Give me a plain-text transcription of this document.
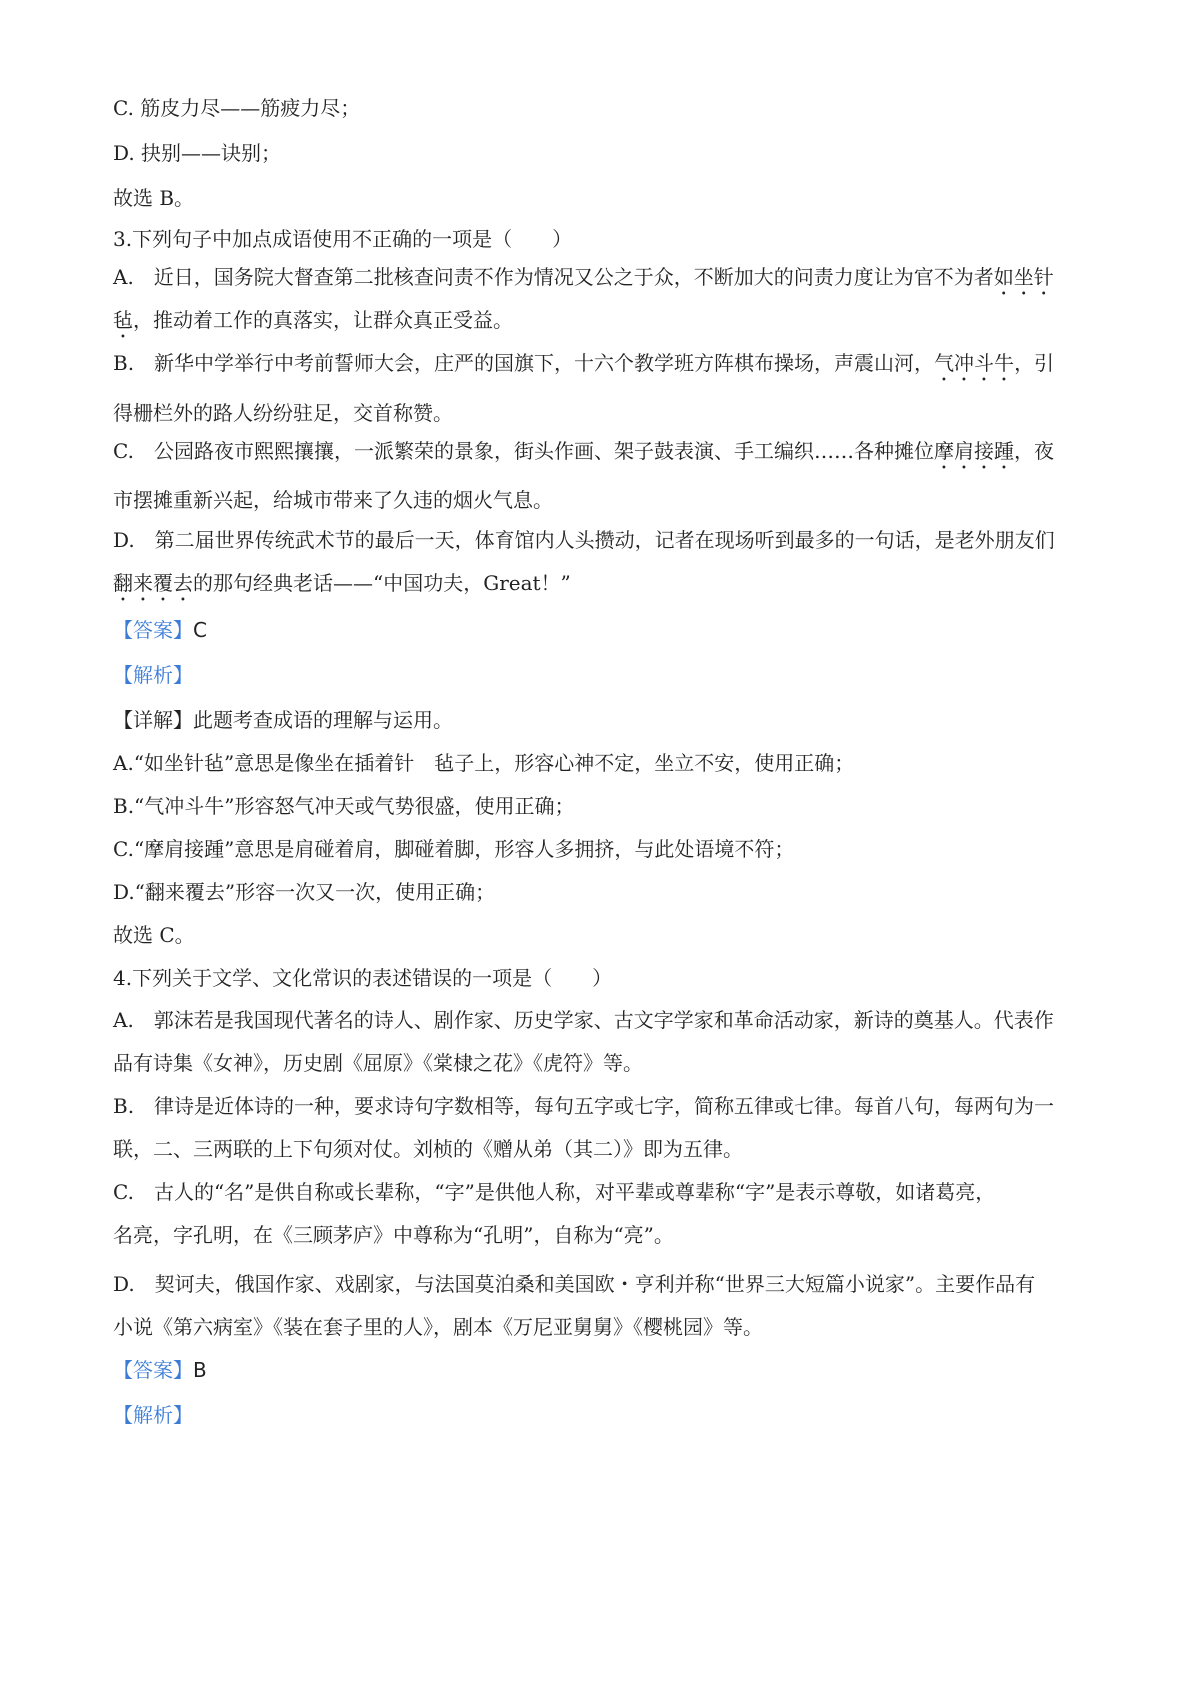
C. 筋皮力尽——筋疲力尽；
D. 抉别——诀别；
故选 B。
3.下列句子中加点成语使用不正确的一项是（　　）
A.　近日，国务院大督查第二批核查问责不作为情况又公之于众，不断加大的问责力度让为官不为者如坐针
毡，推动着工作的真落实，让群众真正受益。
B.　新华中学举行中考前誓师大会，庄严的国旗下，十六个教学班方阵棋布操场，声震山河，气冲斗牛，引
得栅栏外的路人纷纷驻足，交首称赞。
C.　公园路夜市熙熙攘攘，一派繁荣的景象，街头作画、架子鼓表演、手工编织……各种摊位摩肩接踵，夜
市摆摊重新兴起，给城市带来了久违的烟火气息。
D.　第二届世界传统武术节的最后一天，体育馆内人头攒动，记者在现场听到最多的一句话，是老外朋友们
翻来覆去的那句经典老话——“中国功夫，Great！”
【答案】C
【解析】
【详解】此题考查成语的理解与运用。
A.“如坐针毡”意思是像坐在插着针　毡子上，形容心神不定，坐立不安，使用正确；
B.“气冲斗牛”形容怒气冲天或气势很盛，使用正确；
C.“摩肩接踵”意思是肩碰着肩，脚碰着脚，形容人多拥挤，与此处语境不符；
D.“翻来覆去”形容一次又一次，使用正确；
故选 C。
4.下列关于文学、文化常识的表述错误的一项是（　　）
A.　郭沫若是我国现代著名的诗人、剧作家、历史学家、古文字学家和革命活动家，新诗的奠基人。代表作
品有诗集《女神》，历史剧《屈原》《棠棣之花》《虎符》等。
B.　律诗是近体诗的一种，要求诗句字数相等，每句五字或七字，简称五律或七律。每首八句，每两句为一
联，二、三两联的上下句须对仗。刘桢的《赠从弟（其二）》即为五律。
C.　古人的“名”是供自称或长辈称，“字”是供他人称，对平辈或尊辈称“字”是表示尊敬，如诸葛亮，
名亮，字孔明，在《三顾茅庐》中尊称为“孔明”，自称为“亮”。
D.　契诃夫，俄国作家、戏剧家，与法国莫泊桑和美国欧・亨利并称“世界三大短篇小说家”。主要作品有
小说《第六病室》《装在套子里的人》，剧本《万尼亚舅舅》《樱桃园》等。
【答案】B
【解析】
